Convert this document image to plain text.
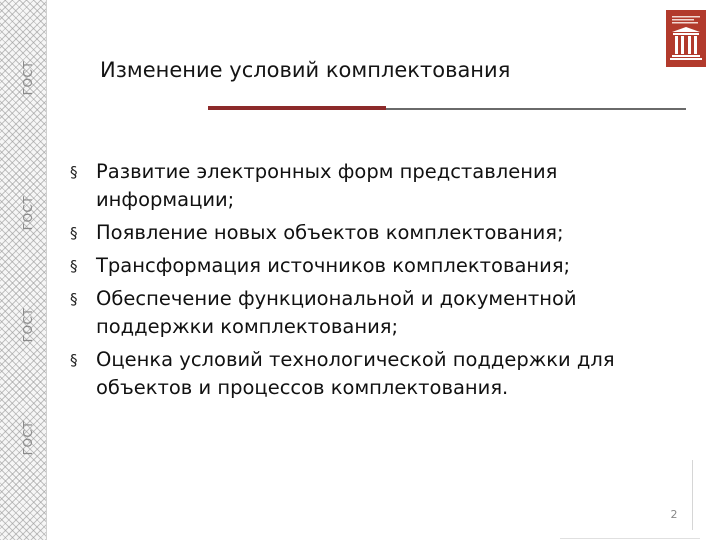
ГОСТ
ГОСТ
ГОСТ
ГОСТ
Изменение условий комплектования
§ Развитие электронных форм представления информации;
§ Появление новых объектов комплектования;
§ Трансформация источников комплектования;
§ Обеспечение функциональной и документной поддержки комплектования;
§ Оценка условий технологической поддержки для объектов и процессов комплектования.
2
